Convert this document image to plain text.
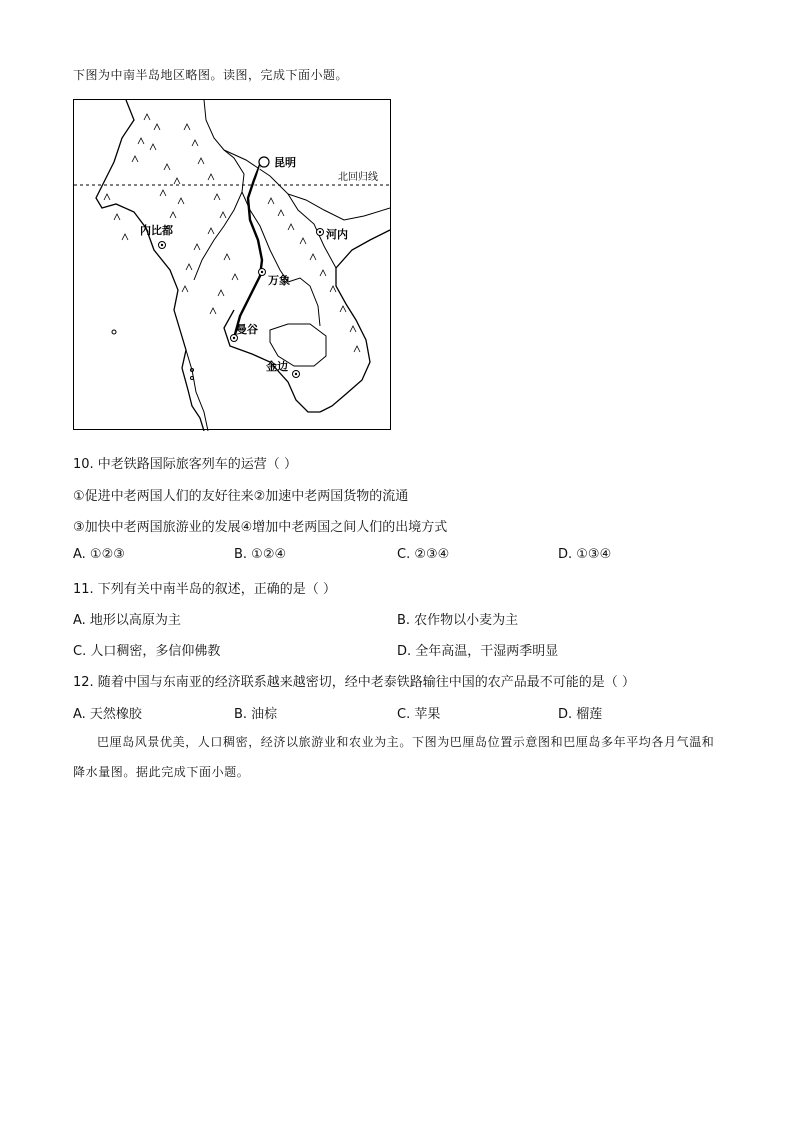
下图为中南半岛地区略图。读图，完成下面小题。
北回归线
昆明
内比都	河内
万象
曼谷
金边
10. 中老铁路国际旅客列车的运营（ ）
①促进中老两国人们的友好往来②加速中老两国货物的流通
③加快中老两国旅游业的发展④增加中老两国之间人们的出境方式
A. ①②③	B. ①②④	C. ②③④	D. ①③④
11. 下列有关中南半岛的叙述，正确的是（ ）
A. 地形以高原为主	B. 农作物以小麦为主
C. 人口稠密，多信仰佛教	D. 全年高温，干湿两季明显
12. 随着中国与东南亚的经济联系越来越密切，经中老泰铁路输往中国的农产品最不可能的是（ ）
A. 天然橡胶	B. 油棕	C. 苹果	D. 榴莲
巴厘岛风景优美，人口稠密，经济以旅游业和农业为主。下图为巴厘岛位置示意图和巴厘岛多年平均各月气温和降水量图。据此完成下面小题。
